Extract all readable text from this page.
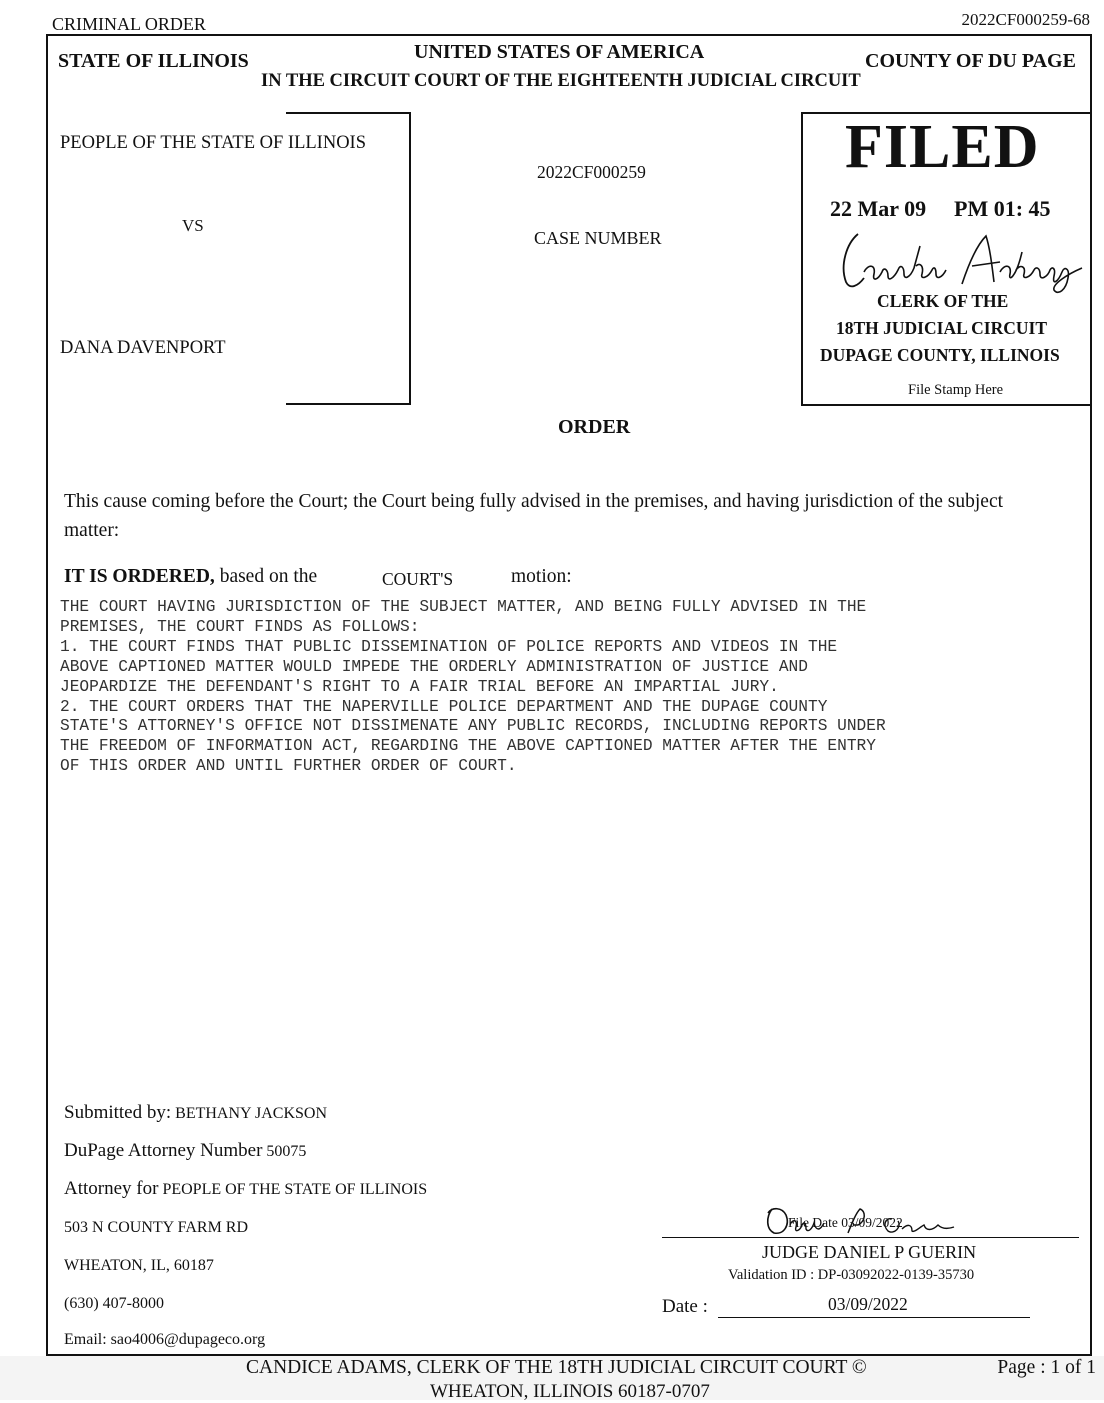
CRIMINAL ORDER	2022CF000259-68
STATE OF ILLINOIS	UNITED STATES OF AMERICA
IN THE CIRCUIT COURT OF THE EIGHTEENTH JUDICIAL CIRCUIT
COUNTY OF DU PAGE
PEOPLE OF THE STATE OF ILLINOIS
VS
DANA DAVENPORT
2022CF000259
CASE NUMBER
FILED
22 Mar 09 PM 01: 45
CLERK OF THE
18TH JUDICIAL CIRCUIT
DUPAGE COUNTY, ILLINOIS
File Stamp Here
ORDER
This cause coming before the Court; the Court being fully advised in the premises, and having jurisdiction of the subject
matter:
IT IS ORDERED, based on the	COURT'S	motion:
THE COURT HAVING JURISDICTION OF THE SUBJECT MATTER, AND BEING FULLY ADVISED IN THE
PREMISES, THE COURT FINDS AS FOLLOWS:
1. THE COURT FINDS THAT PUBLIC DISSEMINATION OF POLICE REPORTS AND VIDEOS IN THE
ABOVE CAPTIONED MATTER WOULD IMPEDE THE ORDERLY ADMINISTRATION OF JUSTICE AND
JEOPARDIZE THE DEFENDANT'S RIGHT TO A FAIR TRIAL BEFORE AN IMPARTIAL JURY.
2. THE COURT ORDERS THAT THE NAPERVILLE POLICE DEPARTMENT AND THE DUPAGE COUNTY
STATE'S ATTORNEY'S OFFICE NOT DISSIMENATE ANY PUBLIC RECORDS, INCLUDING REPORTS UNDER
THE FREEDOM OF INFORMATION ACT, REGARDING THE ABOVE CAPTIONED MATTER AFTER THE ENTRY
OF THIS ORDER AND UNTIL FURTHER ORDER OF COURT.
Submitted by: BETHANY JACKSON
DuPage Attorney Number 50075
Attorney for PEOPLE OF THE STATE OF ILLINOIS
503 N COUNTY FARM RD
WHEATON, IL, 60187
(630) 407-8000
Email: sao4006@dupageco.org
File Date 03/09/2022
JUDGE DANIEL P GUERIN
Validation ID : DP-03092022-0139-35730
Date :	03/09/2022
CANDICE ADAMS, CLERK OF THE 18TH JUDICIAL CIRCUIT COURT ©
WHEATON, ILLINOIS 60187-0707
Page : 1 of 1
